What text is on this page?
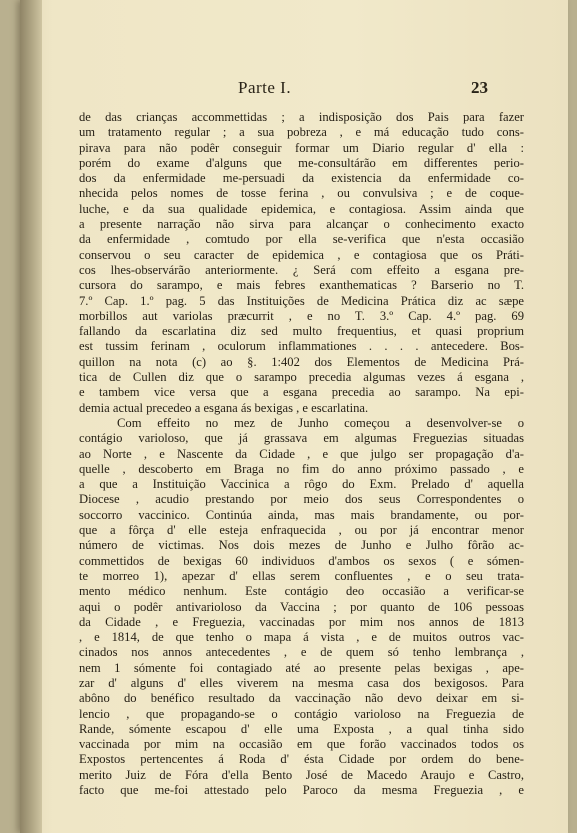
Parte I.	23
de das crianças accommettidas ; a indisposição dos Pais para fazer
um tratamento regular ; a sua pobreza , e má educação tudo cons-
pirava para não podêr conseguir formar um Diario regular d' ella :
porém do exame d'alguns que me-consultárão em differentes perio-
dos da enfermidade me-persuadi da existencia da enfermidade co-
nhecida pelos nomes de tosse ferina , ou convulsiva ; e de coque-
luche, e da sua qualidade epidemica, e contagiosa. Assim ainda que
a presente narração não sirva para alcançar o conhecimento exacto
da enfermidade , comtudo por ella se-verifica que n'esta occasião
conservou o seu caracter de epidemica , e contagiosa que os Práti-
cos lhes-observárão anteriormente. ¿ Será com effeito a esgana pre-
cursora do sarampo, e mais febres exanthematicas ? Barserio no T.
7.º Cap. 1.º pag. 5 das Instituições de Medicina Prática diz ac sæpe
morbillos aut variolas præcurrit , e no T. 3.º Cap. 4.º pag. 69
fallando da escarlatina diz sed multo frequentius, et quasi proprium
est tussim ferinam , oculorum inflammationes . . . . antecedere. Bos-
quillon na nota (c) ao §. 1:402 dos Elementos de Medicina Prá-
tica de Cullen diz que o sarampo precedia algumas vezes á esgana ,
e tambem vice versa que a esgana precedia ao sarampo. Na epi-
demia actual precedeo a esgana ás bexigas , e escarlatina.
Com effeito no mez de Junho começou a desenvolver-se o
contágio varioloso, que já grassava em algumas Freguezias situadas
ao Norte , e Nascente da Cidade , e que julgo ser propagação d'a-
quelle , descoberto em Braga no fim do anno próximo passado , e
a que a Instituição Vaccinica a rôgo do Exm. Prelado d' aquella
Diocese , acudio prestando por meio dos seus Correspondentes o
soccorro vaccinico. Continúa ainda, mas mais brandamente, ou por-
que a fôrça d' elle esteja enfraquecida , ou por já encontrar menor
número de victimas. Nos dois mezes de Junho e Julho fôrão ac-
commettidos de bexigas 60 individuos d'ambos os sexos ( e sómen-
te morreo 1), apezar d' ellas serem confluentes , e o seu trata-
mento médico nenhum. Este contágio deo occasião a verificar-se
aqui o podêr antivarioloso da Vaccina ; por quanto de 106 pessoas
da Cidade , e Freguezia, vaccinadas por mim nos annos de 1813
, e 1814, de que tenho o mapa á vista , e de muitos outros vac-
cinados nos annos antecedentes , e de quem só tenho lembrança ,
nem 1 sómente foi contagiado até ao presente pelas bexigas , ape-
zar d' alguns d' elles viverem na mesma casa dos bexigosos. Para
abôno do benéfico resultado da vaccinação não devo deixar em si-
lencio , que propagando-se o contágio varioloso na Freguezia de
Rande, sómente escapou d' elle uma Exposta , a qual tinha sido
vaccinada por mim na occasião em que forão vaccinados todos os
Expostos pertencentes á Roda d' ésta Cidade por ordem do bene-
merito Juiz de Fóra d'ella Bento José de Macedo Araujo e Castro,
facto que me-foi attestado pelo Paroco da mesma Freguezia , e
